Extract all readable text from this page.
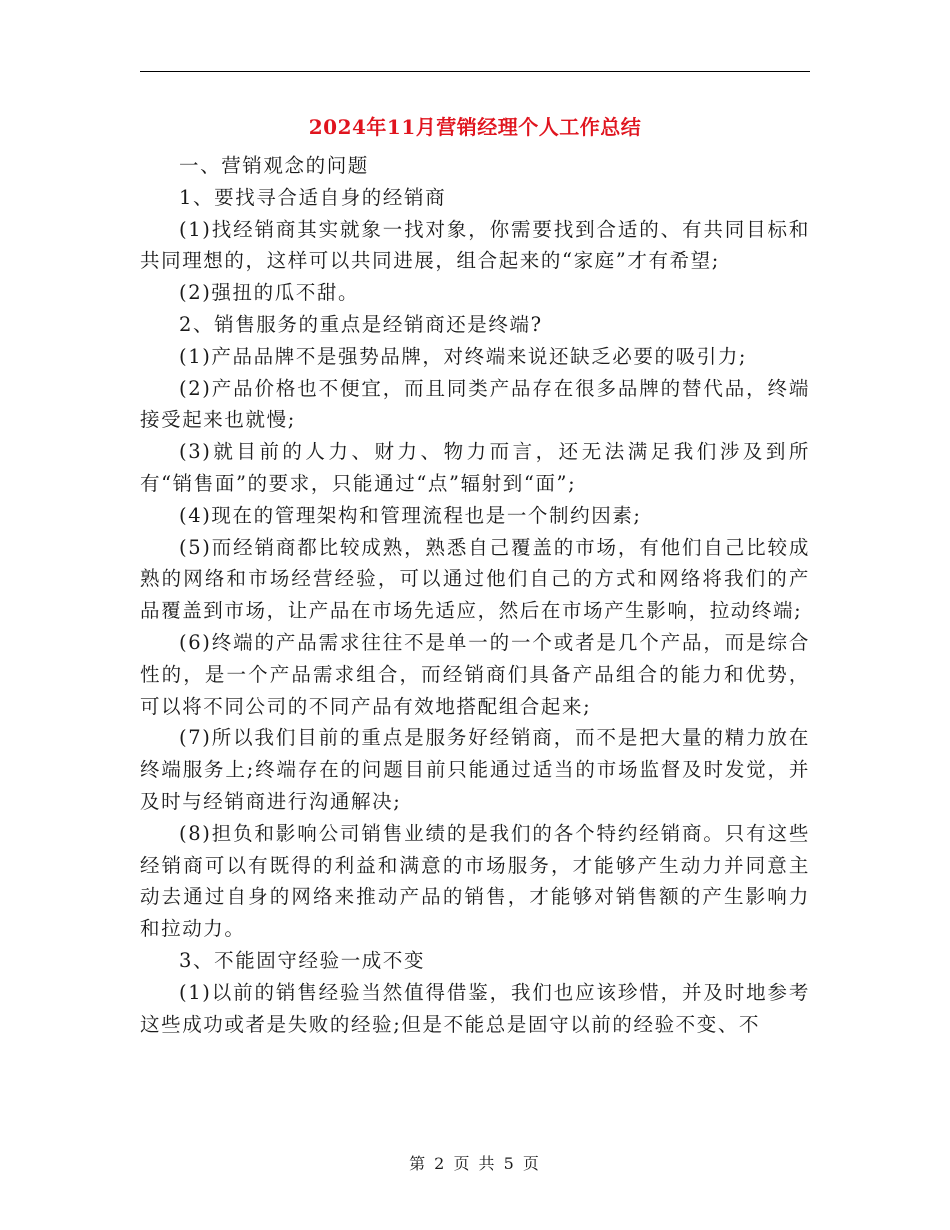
2024年11月营销经理个人工作总结

一、营销观念的问题

1、要找寻合适自身的经销商

(1)找经销商其实就象一找对象，你需要找到合适的、有共同目标和共同理想的，这样可以共同进展，组合起来的“家庭”才有希望;

(2)强扭的瓜不甜。

2、销售服务的重点是经销商还是终端?

(1)产品品牌不是强势品牌，对终端来说还缺乏必要的吸引力;

(2)产品价格也不便宜，而且同类产品存在很多品牌的替代品，终端接受起来也就慢;

(3)就目前的人力、财力、物力而言，还无法满足我们涉及到所有“销售面”的要求，只能通过“点”辐射到“面”;

(4)现在的管理架构和管理流程也是一个制约因素;

(5)而经销商都比较成熟，熟悉自己覆盖的市场，有他们自己比较成熟的网络和市场经营经验，可以通过他们自己的方式和网络将我们的产品覆盖到市场，让产品在市场先适应，然后在市场产生影响，拉动终端;

(6)终端的产品需求往往不是单一的一个或者是几个产品，而是综合性的，是一个产品需求组合，而经销商们具备产品组合的能力和优势，可以将不同公司的不同产品有效地搭配组合起来;

(7)所以我们目前的重点是服务好经销商，而不是把大量的精力放在终端服务上;终端存在的问题目前只能通过适当的市场监督及时发觉，并及时与经销商进行沟通解决;

(8)担负和影响公司销售业绩的是我们的各个特约经销商。只有这些经销商可以有既得的利益和满意的市场服务，才能够产生动力并同意主动去通过自身的网络来推动产品的销售，才能够对销售额的产生影响力和拉动力。

3、不能固守经验一成不变

(1)以前的销售经验当然值得借鉴，我们也应该珍惜，并及时地参考这些成功或者是失败的经验;但是不能总是固守以前的经验不变、不

第 2 页 共 5 页
